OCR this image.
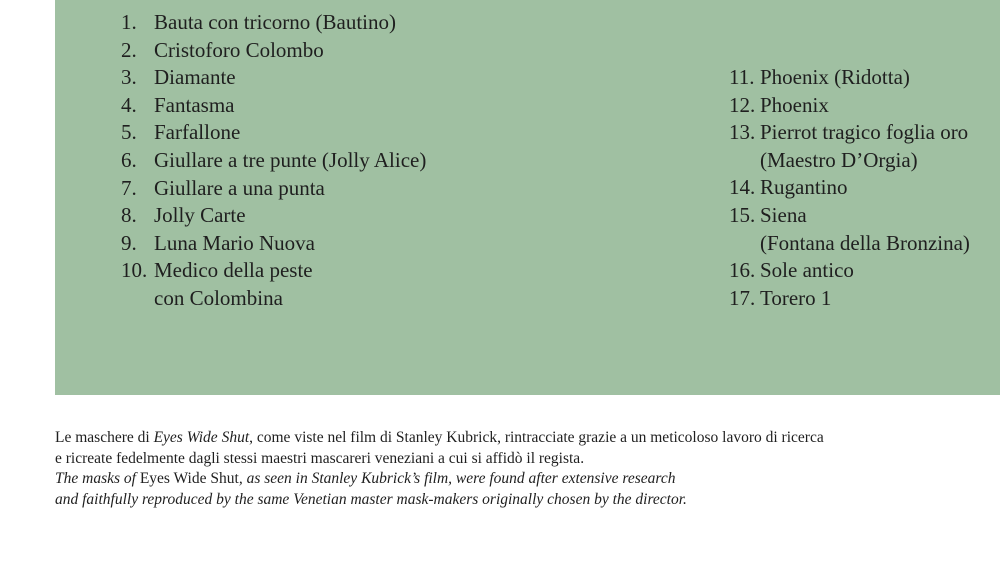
1. Bauta con tricorno (Bautino)
2. Cristoforo Colombo
3. Diamante
4. Fantasma
5. Farfallone
6. Giullare a tre punte (Jolly Alice)
7. Giullare a una punta
8. Jolly Carte
9. Luna Mario Nuova
10. Medico della peste
con Colombina
11. Phoenix (Ridotta)
12. Phoenix
13. Pierrot tragico foglia oro
(Maestro D’Orgia)
14. Rugantino
15. Siena
(Fontana della Bronzina)
16. Sole antico
17. Torero 1

Le maschere di Eyes Wide Shut, come viste nel film di Stanley Kubrick, rintracciate grazie a un meticoloso lavoro di ricerca

e ricreate fedelmente dagli stessi maestri mascareri veneziani a cui si affidò il regista.

The masks of Eyes Wide Shut, as seen in Stanley Kubrick’s film, were found after extensive research

and faithfully reproduced by the same Venetian master mask-makers originally chosen by the director.
